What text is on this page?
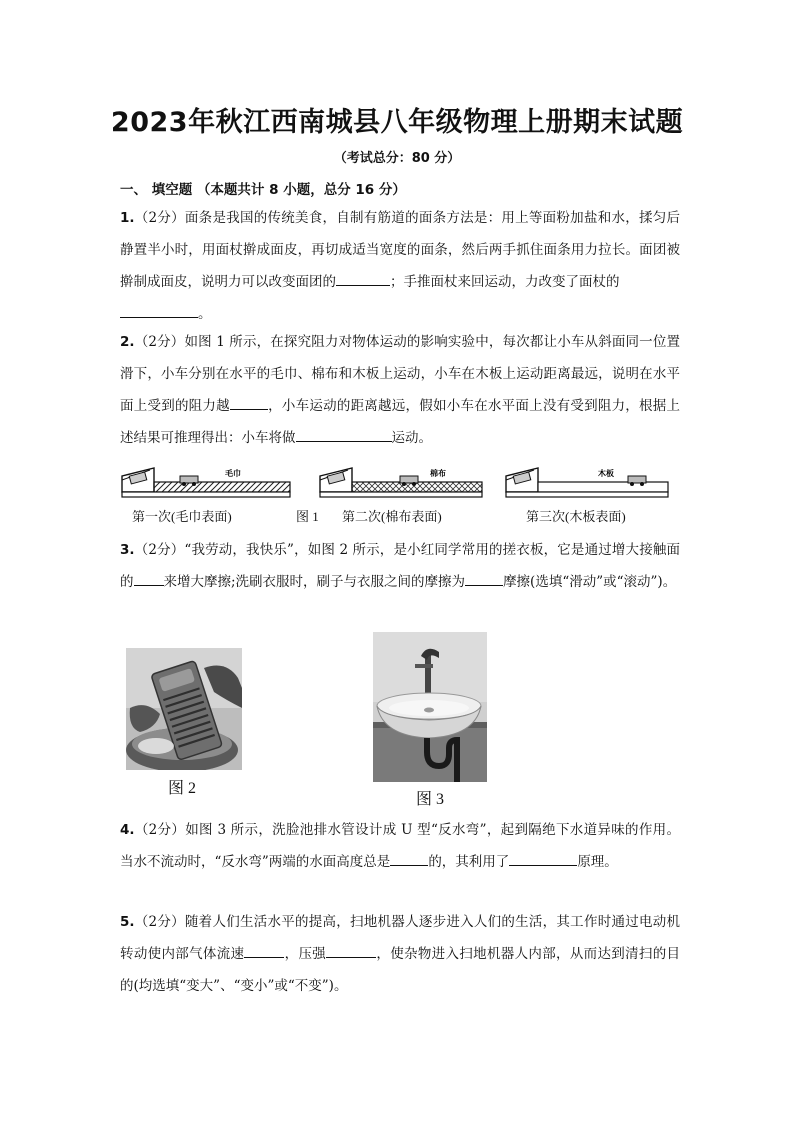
2023年秋江西南城县八年级物理上册期末试题
（考试总分：80 分）
一、 填空题 （本题共计 8 小题，总分 16 分）
1.（2分）面条是我国的传统美食，自制有筋道的面条方法是：用上等面粉加盐和水，揉匀后静置半小时，用面杖擀成面皮，再切成适当宽度的面条，然后两手抓住面条用力拉长。面团被擀制成面皮，说明力可以改变面团的	；手推面杖来回运动，力改变了面杖的
。
2.（2分）如图 1 所示，在探究阻力对物体运动的影响实验中，每次都让小车从斜面同一位置滑下，小车分别在水平的毛巾、棉布和木板上运动，小车在木板上运动距离最远，说明在水平面上受到的阻力越	，小车运动的距离越远，假如小车在水平面上没有受到阻力，根据上述结果可推理得出：小车将做	运动。
毛巾	棉布	木板
第一次(毛巾表面)	图 1 第二次(棉布表面)	第三次(木板表面)
3.（2分）“我劳动，我快乐”，如图 2 所示，是小红同学常用的搓衣板，它是通过增大接触面的 来增大摩擦;洗刷衣服时，刷子与衣服之间的摩擦为	摩擦(选填“滑动”或“滚动”)。
图 2
图 3
4.（2分）如图 3 所示，洗脸池排水管设计成 U 型“反水弯”，起到隔绝下水道异味的作用。当水不流动时，“反水弯”两端的水面高度总是	的，其利用了	原理。
5.（2分）随着人们生活水平的提高，扫地机器人逐步进入人们的生活，其工作时通过电动机转动使内部气体流速	，压强	，使杂物进入扫地机器人内部，从而达到清扫的目的(均选填“变大”、“变小”或“不变”)。
